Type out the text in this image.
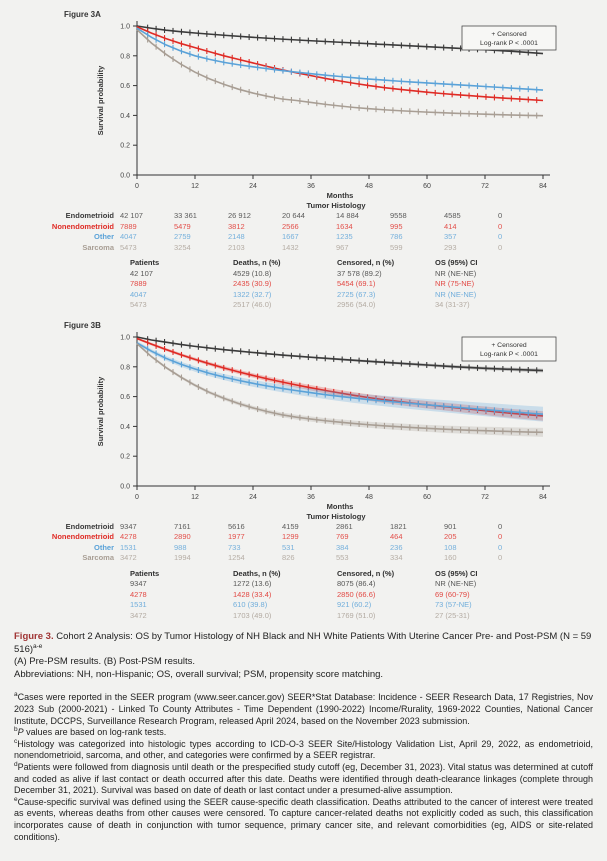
Figure 3A
1.0
0.8
0.6
0.4
0.2
0.0
0	12	24	36	48	60	72	84
Months
Survival probability
+ Censored
Log-rank P < .0001
Tumor Histology
Endometrioid 42 107	33 361	26 912	20 644	14 884	9558	4585	0
Nonendometrioid 7889	5479	3812	2566	1634	995	414	0
Other 4047	2759	2148	1667	1235	786	357	0
Sarcoma 5473	3254	2103	1432	967	599	293	0
Patients	Deaths, n (%)	Censored, n (%)	OS (95%) CI
42 107	4529 (10.8)	37 578 (89.2)	NR (NE-NE)
7889	2435 (30.9)	5454 (69.1)	NR (75-NE)
4047	1322 (32.7)	2725 (67.3)	NR (NE-NE)
5473	2517 (46.0)	2956 (54.0)	34 (31-37)
Figure 3B
1.0
0.8
0.6
0.4
0.2
0.0
0	12	24	36	48	60	72	84
Months
Survival probability
+ Censored
Log-rank P < .0001
Tumor Histology
Endometrioid 9347	7161	5616	4159	2861	1821	901	0
Nonendometrioid 4278	2890	1977	1299	769	464	205	0
Other 1531	988	733	531	384	236	108	0
Sarcoma 3472	1994	1254	826	553	334	160	0
Patients	Deaths, n (%)	Censored, n (%)	OS (95%) CI
9347	1272 (13.6)	8075 (86.4)	NR (NE-NE)
4278	1428 (33.4)	2850 (66.6)	69 (60-79)
1531	610 (39.8)	921 (60.2)	73 (57-NE)
3472	1703 (49.0)	1769 (51.0)	27 (25-31)

Figure 3. Cohort 2 Analysis: OS by Tumor Histology of NH Black and NH White Patients With Uterine Cancer Pre- and Post-PSM (N = 59 516)$^{a-e}$

(A) Pre-PSM results. (B) Post-PSM results.

Abbreviations: NH, non-Hispanic; OS, overall survival; PSM, propensity score matching.

$^a$Cases were reported in the SEER program (www.seer.cancer.gov) SEER*Stat Database: Incidence - SEER Research Data, 17 Registries, Nov 2023 Sub (2000-2021) - Linked To County Attributes - Time Dependent (1990-2022) Income/Rurality, 1969-2022 Counties, National Cancer Institute, DCCPS, Surveillance Research Program, released April 2024, based on the November 2023 submission.

$^b$P values are based on log-rank tests.

$^c$Histology was categorized into histologic types according to ICD-O-3 SEER Site/Histology Validation List, April 29, 2022, as endometrioid, nonendometrioid, sarcoma, and other, and categories were confirmed by a SEER registrar.

$^d$Patients were followed from diagnosis until death or the prespecified study cutoff (eg, December 31, 2023). Vital status was determined at cutoff and coded as alive if last contact or death occurred after this date. Deaths were identified through death-clearance linkages (complete through December 31, 2021). Survival was based on date of death or last contact under a presumed-alive assumption.

$^e$Cause-specific survival was defined using the SEER cause-specific death classification. Deaths attributed to the cancer of interest were treated as events, whereas deaths from other causes were censored. To capture cancer-related deaths not explicitly coded as such, this classification incorporates cause of death in conjunction with tumor sequence, primary cancer site, and relevant comorbidities (eg, AIDS or site-related conditions).
